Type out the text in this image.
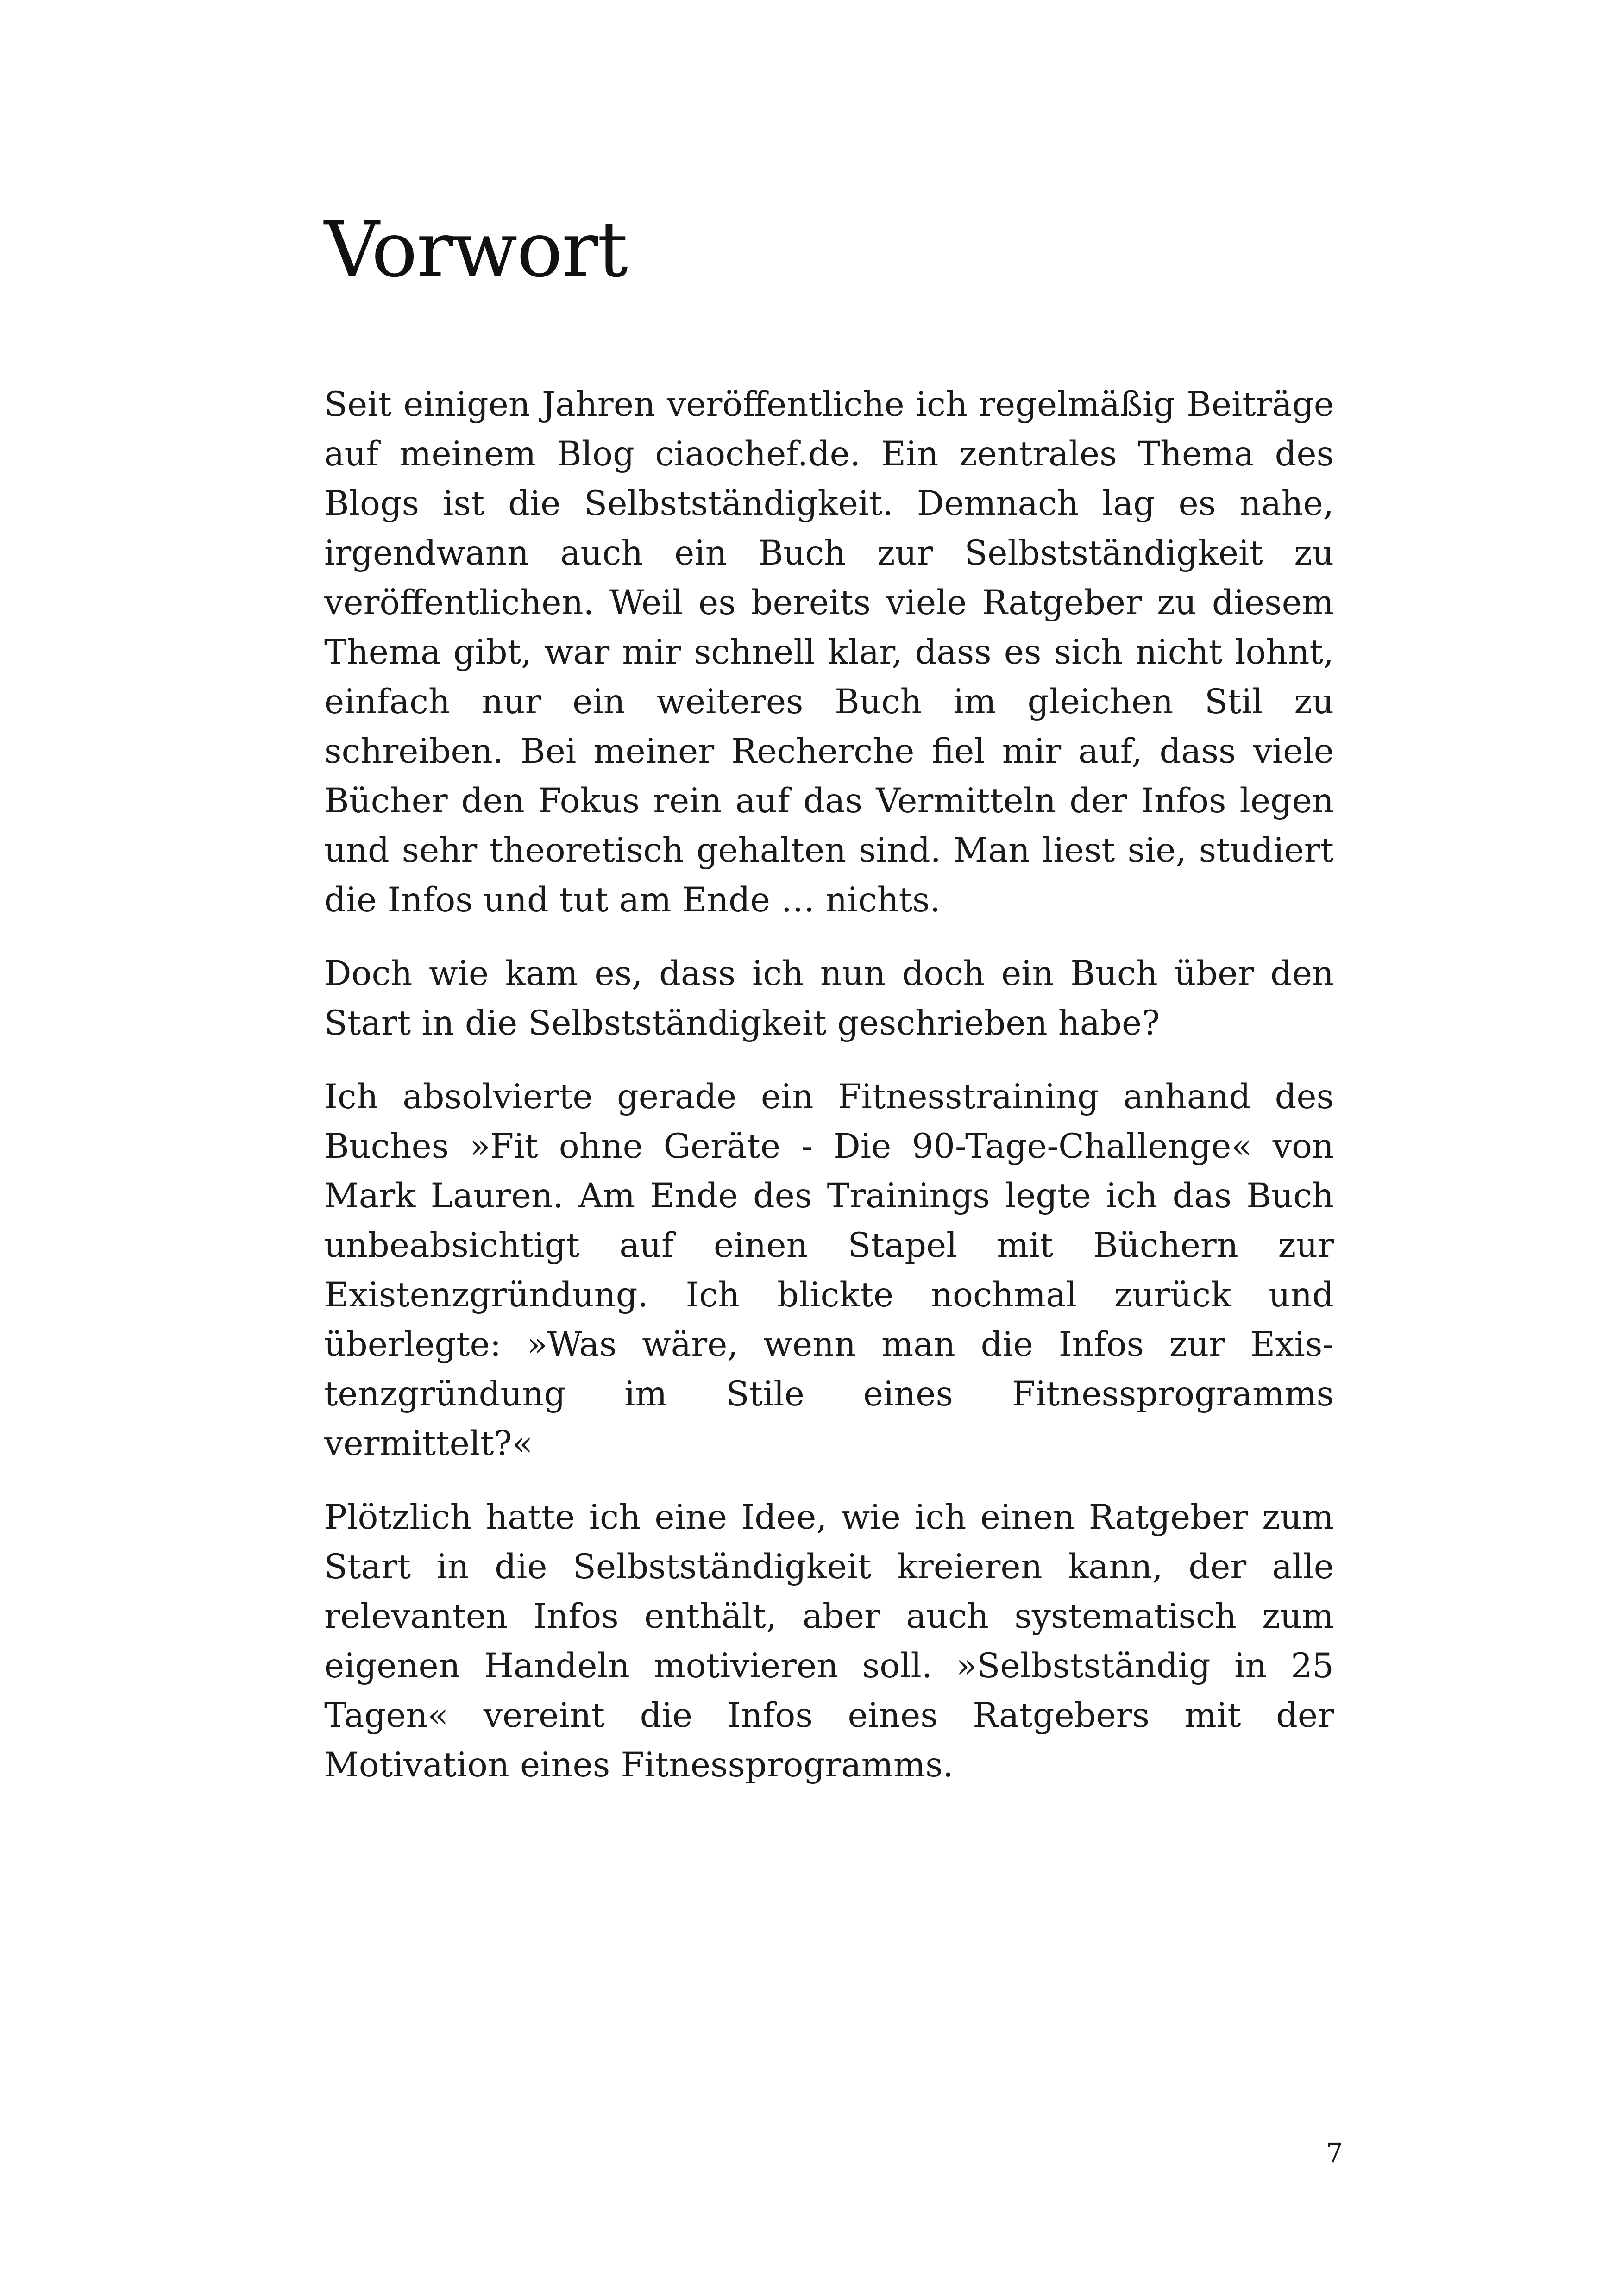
Vorwort

Seit einigen Jahren veröffentliche ich regelmäßig Beiträge auf meinem Blog ciaochef.de. Ein zentrales Thema des Blogs ist die Selbstständigkeit. Demnach lag es nahe, irgendwann auch ein Buch zur Selbstständigkeit zu veröffentlichen. Weil es bereits viele Ratgeber zu diesem Thema gibt, war mir schnell klar, dass es sich nicht lohnt, einfach nur ein weiteres Buch im gleichen Stil zu schreiben. Bei meiner Recherche fiel mir auf, dass viele Bücher den Fokus rein auf das Vermitteln der Infos legen und sehr theoretisch gehalten sind. Man liest sie, studiert die Infos und tut am Ende … nichts.

Doch wie kam es, dass ich nun doch ein Buch über den Start in die Selbstständigkeit geschrieben habe?

Ich absolvierte gerade ein Fitnesstraining anhand des Buches »Fit ohne Geräte - Die 90-Tage-Challenge« von Mark Lauren. Am Ende des Trainings legte ich das Buch unbeabsichtigt auf einen Stapel mit Büchern zur Existenzgründung. Ich blickte nochmal zurück und überlegte: »Was wäre, wenn man die Infos zur Existenzgründung im Stile eines Fitnessprogramms vermittelt?«

Plötzlich hatte ich eine Idee, wie ich einen Ratgeber zum Start in die Selbstständigkeit kreieren kann, der alle relevanten Infos enthält, aber auch systematisch zum eigenen Handeln motivieren soll. »Selbstständig in 25 Tagen« vereint die Infos eines Ratgebers mit der Motivation eines Fitnessprogramms.

7
